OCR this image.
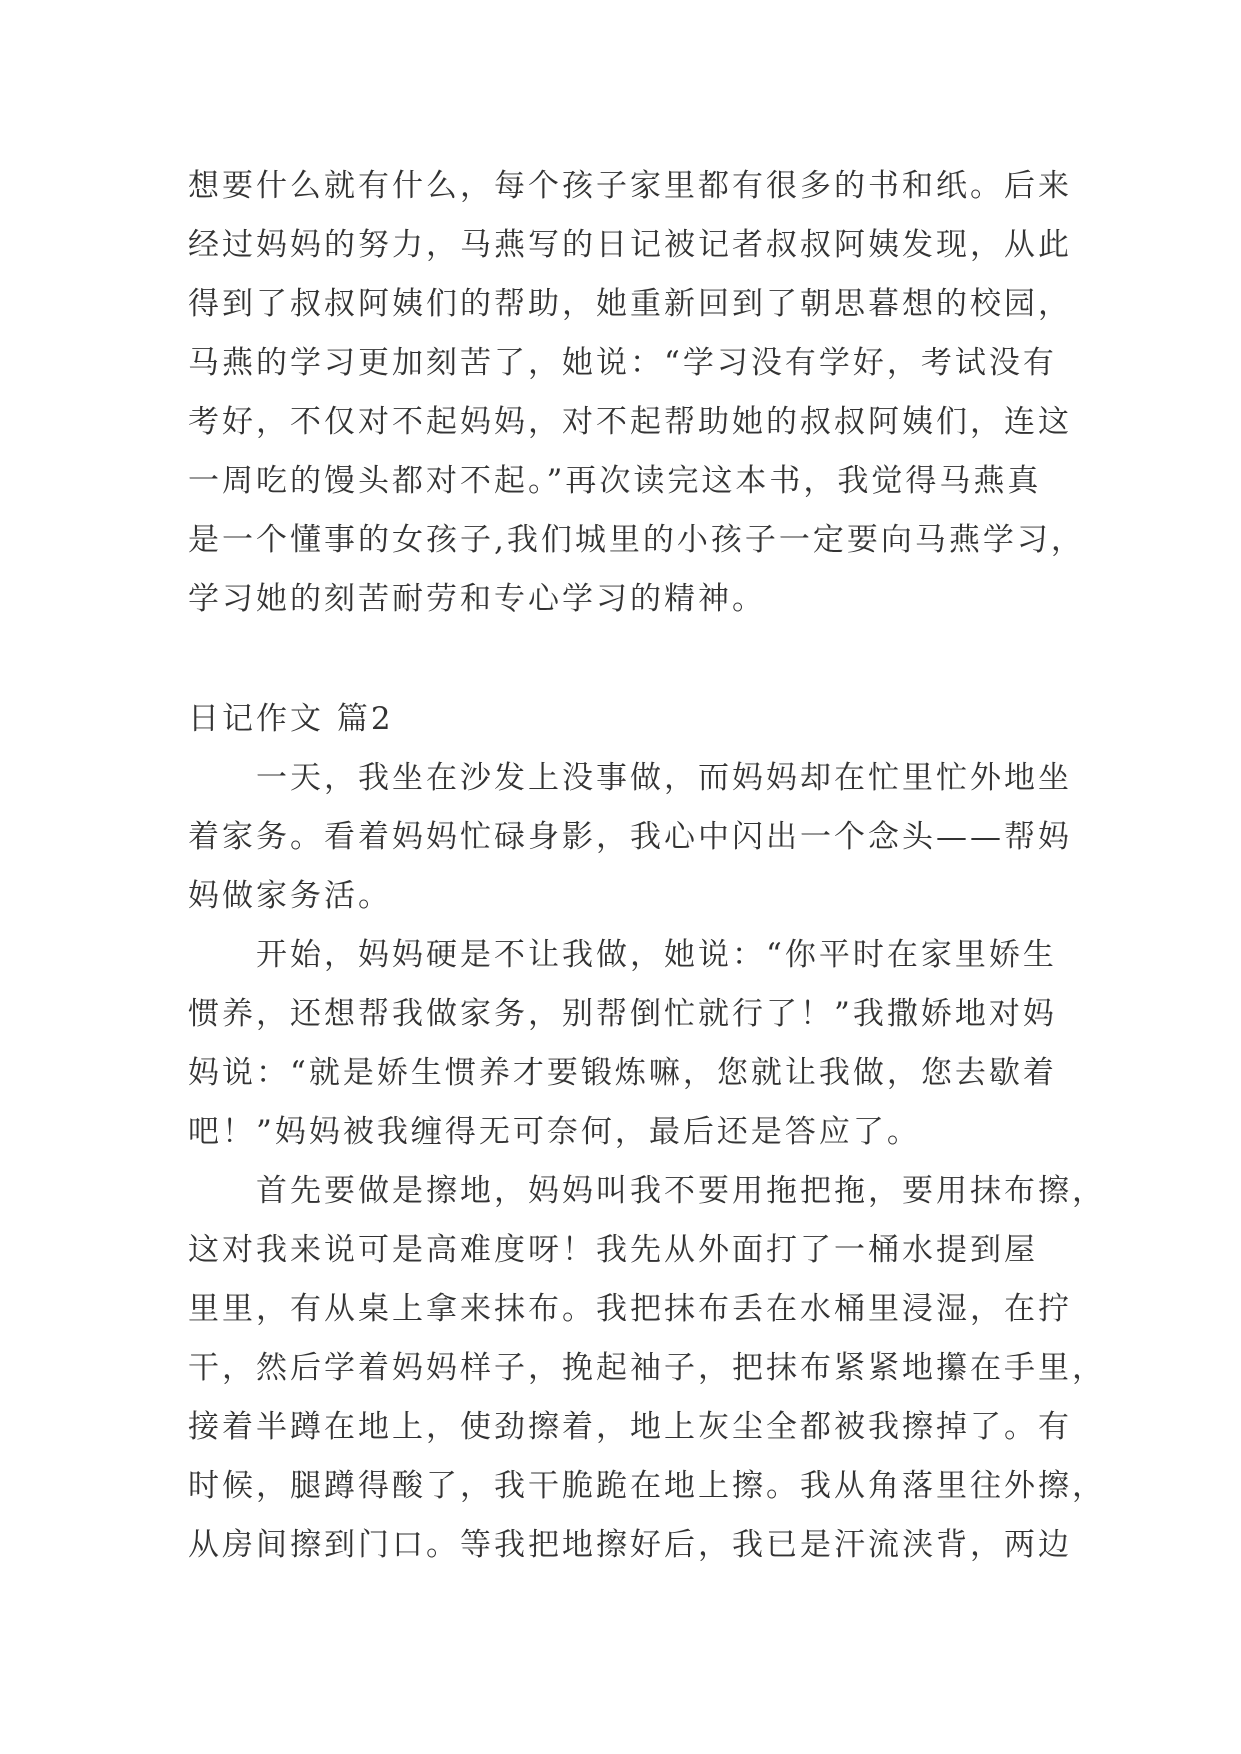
想要什么就有什么，每个孩子家里都有很多的书和纸。后来
经过妈妈的努力，马燕写的日记被记者叔叔阿姨发现，从此
得到了叔叔阿姨们的帮助，她重新回到了朝思暮想的校园，
马燕的学习更加刻苦了，她说：“学习没有学好，考试没有
考好，不仅对不起妈妈，对不起帮助她的叔叔阿姨们，连这
一周吃的馒头都对不起。”再次读完这本书，我觉得马燕真
是一个懂事的女孩子,我们城里的小孩子一定要向马燕学习，
学习她的刻苦耐劳和专心学习的精神。
日记作文 篇2
　　一天，我坐在沙发上没事做，而妈妈却在忙里忙外地坐
着家务。看着妈妈忙碌身影，我心中闪出一个念头——帮妈
妈做家务活。
　　开始，妈妈硬是不让我做，她说：“你平时在家里娇生
惯养，还想帮我做家务，别帮倒忙就行了！”我撒娇地对妈
妈说：“就是娇生惯养才要锻炼嘛，您就让我做，您去歇着
吧！”妈妈被我缠得无可奈何，最后还是答应了。
　　首先要做是擦地，妈妈叫我不要用拖把拖，要用抹布擦，
这对我来说可是高难度呀！我先从外面打了一桶水提到屋
里里，有从桌上拿来抹布。我把抹布丢在水桶里浸湿，在拧
干，然后学着妈妈样子，挽起袖子，把抹布紧紧地攥在手里，
接着半蹲在地上，使劲擦着，地上灰尘全都被我擦掉了。有
时候，腿蹲得酸了，我干脆跪在地上擦。我从角落里往外擦，
从房间擦到门口。等我把地擦好后，我已是汗流浃背，两边
